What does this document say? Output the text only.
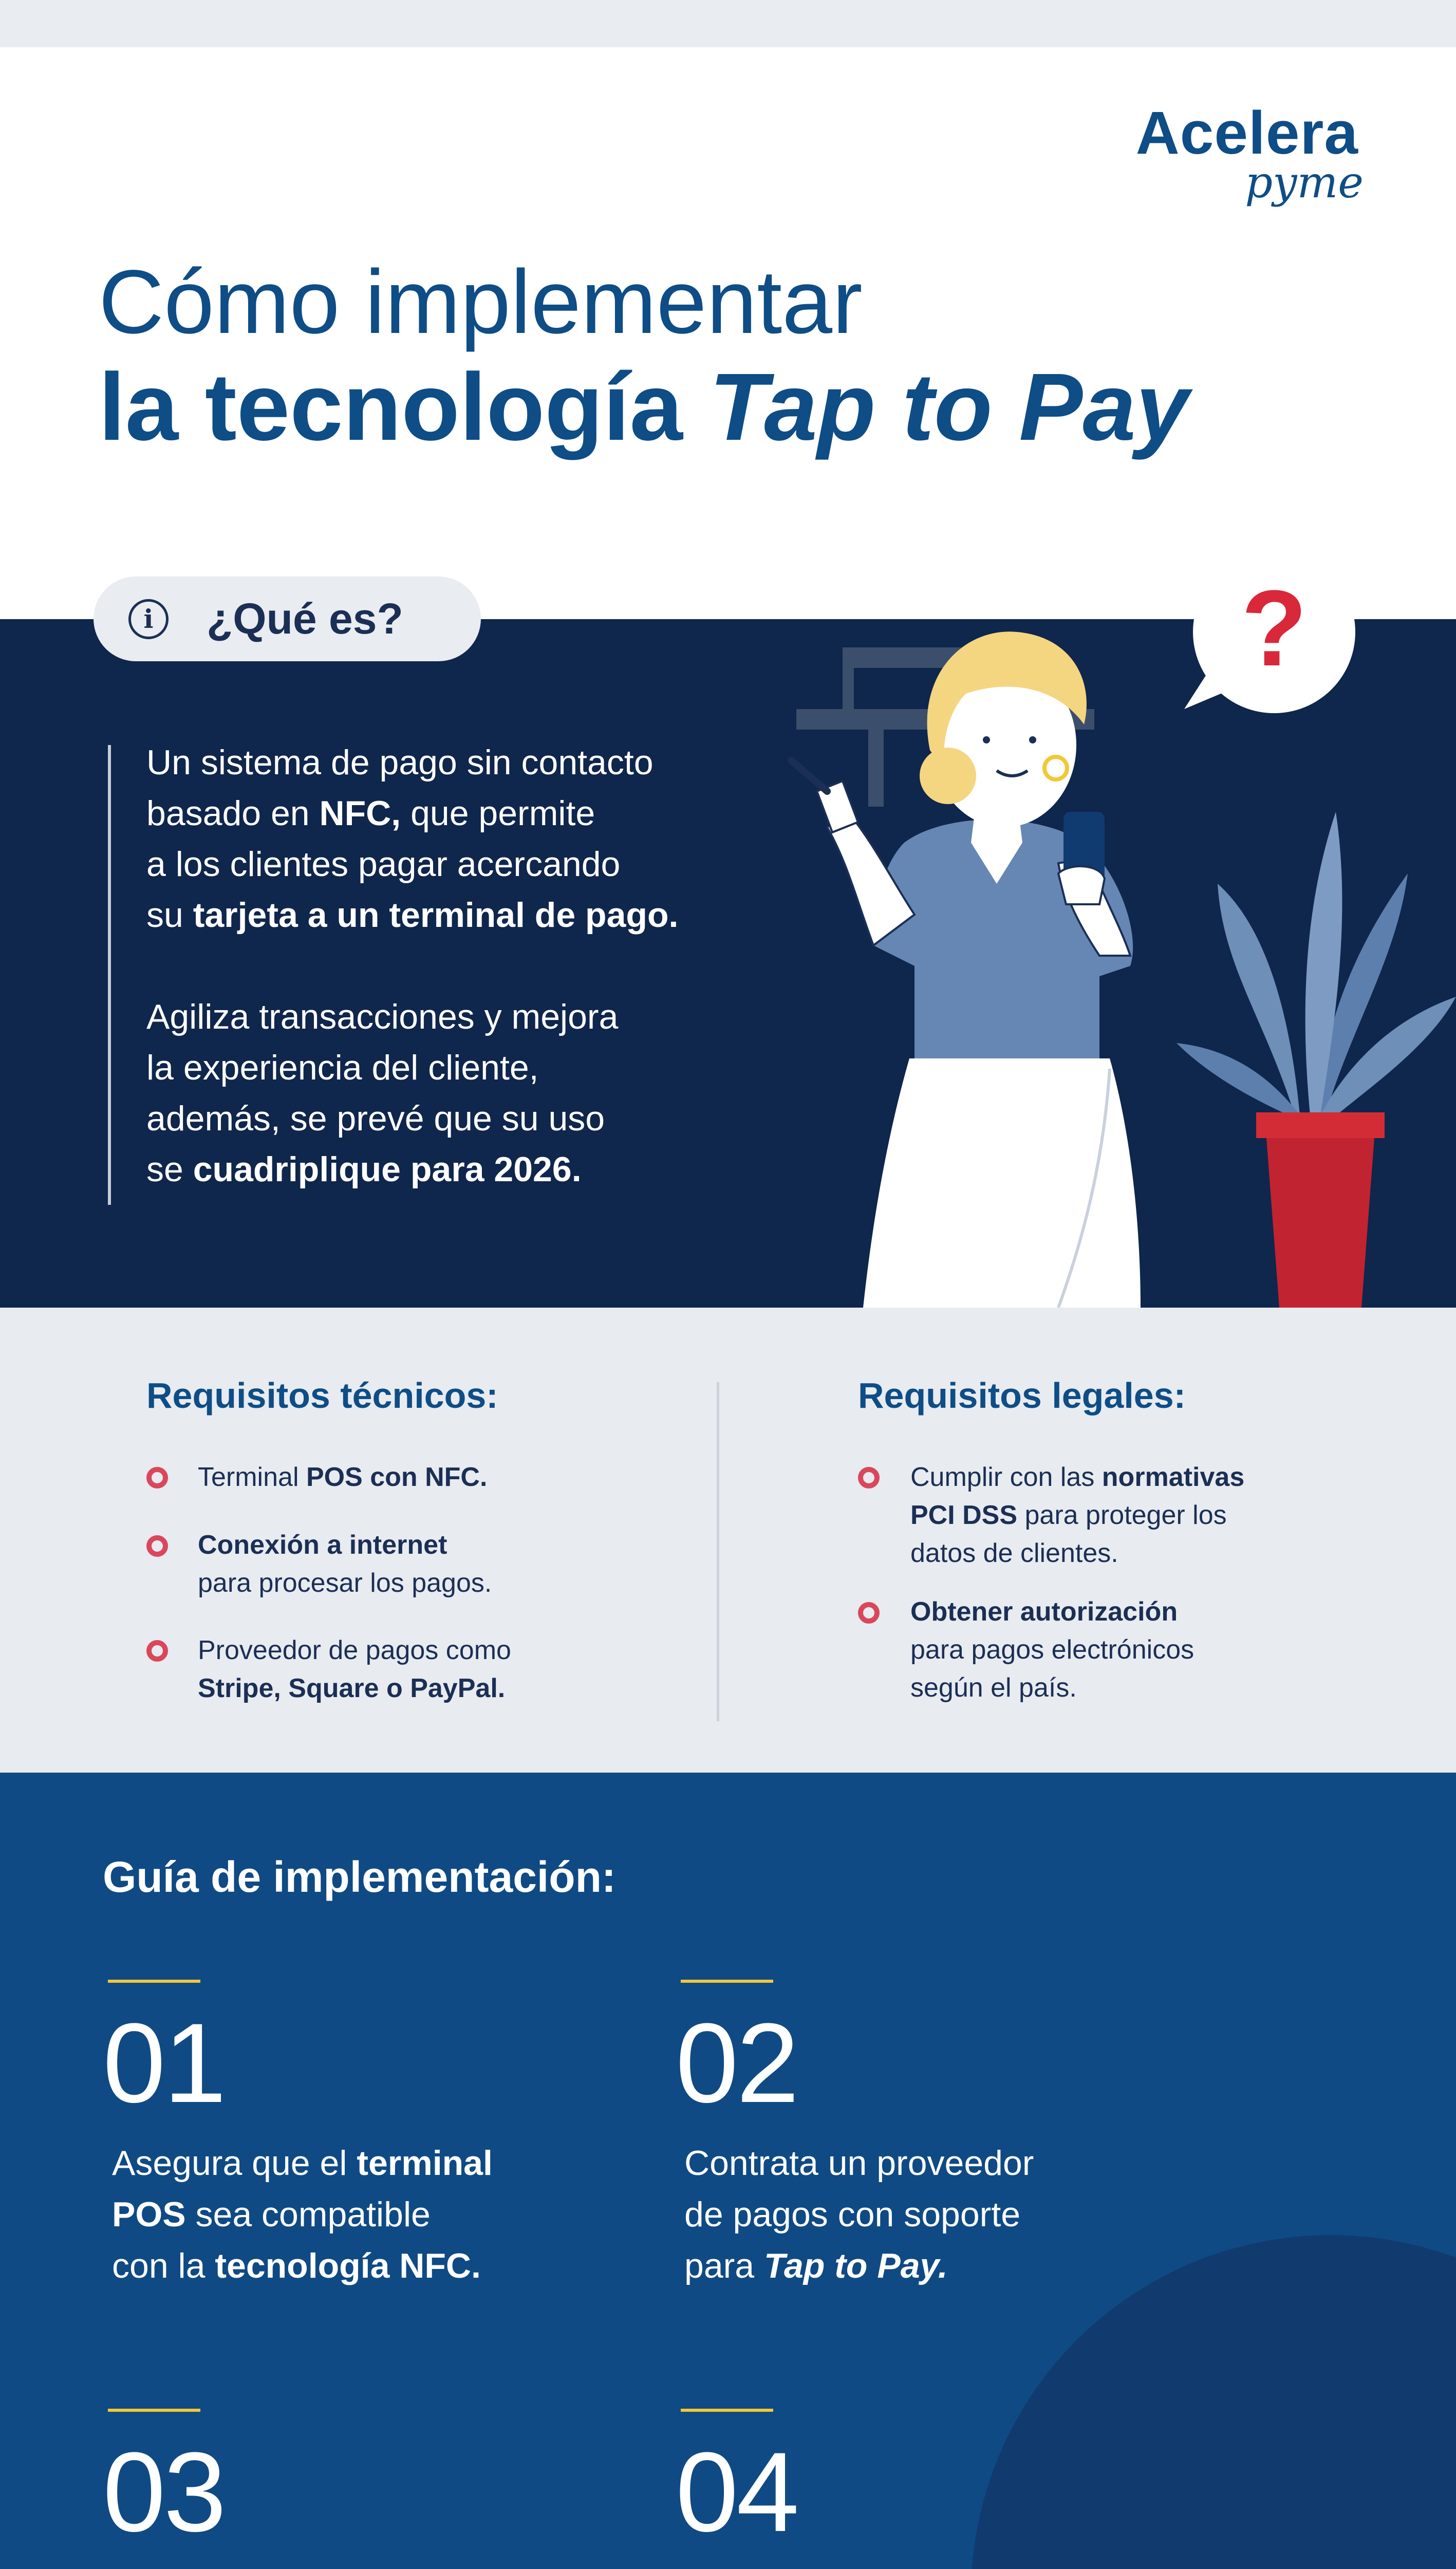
Acelera
pyme
Cómo implementar
la tecnología Tap to Pay
?
i	¿Qué es?
Un sistema de pago sin contacto
basado en NFC, que permite
a los clientes pagar acercando
su tarjeta a un terminal de pago.
Agiliza transacciones y mejora
la experiencia del cliente,
además, se prevé que su uso
se cuadriplique para 2026.
Requisitos técnicos:	Requisitos legales:
Terminal POS con NFC.
Conexión a internet
para procesar los pagos.
Proveedor de pagos como
Stripe, Square o PayPal.
Cumplir con las normativas
PCI DSS para proteger los
datos de clientes.
Obtener autorización
para pagos electrónicos
según el país.
Guía de implementación:
01
Asegura que el terminal
POS sea compatible
con la tecnología NFC.
02
Contrata un proveedor
de pagos con soporte
para Tap to Pay.
03	04
